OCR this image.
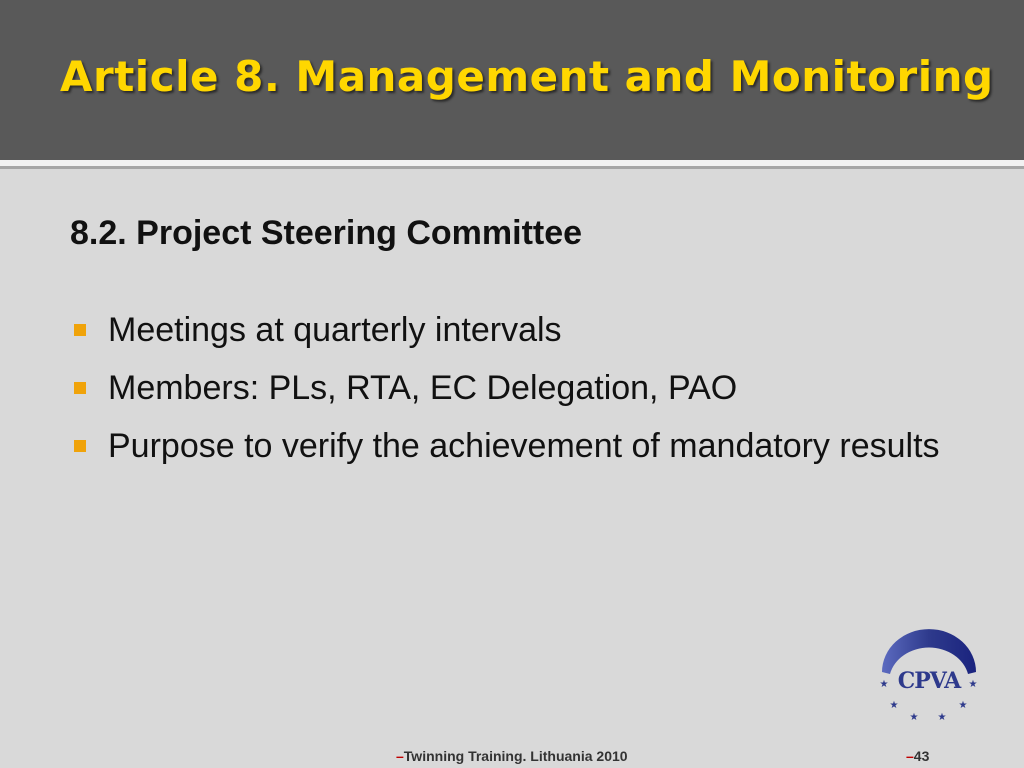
Article 8. Management and Monitoring
8.2. Project Steering Committee
Meetings at quarterly intervals
Members: PLs, RTA, EC Delegation, PAO
Purpose to verify the achievement of mandatory results
CPVA
★	★
★	★
★ ★
–Twinning Training. Lithuania 2010	–43
